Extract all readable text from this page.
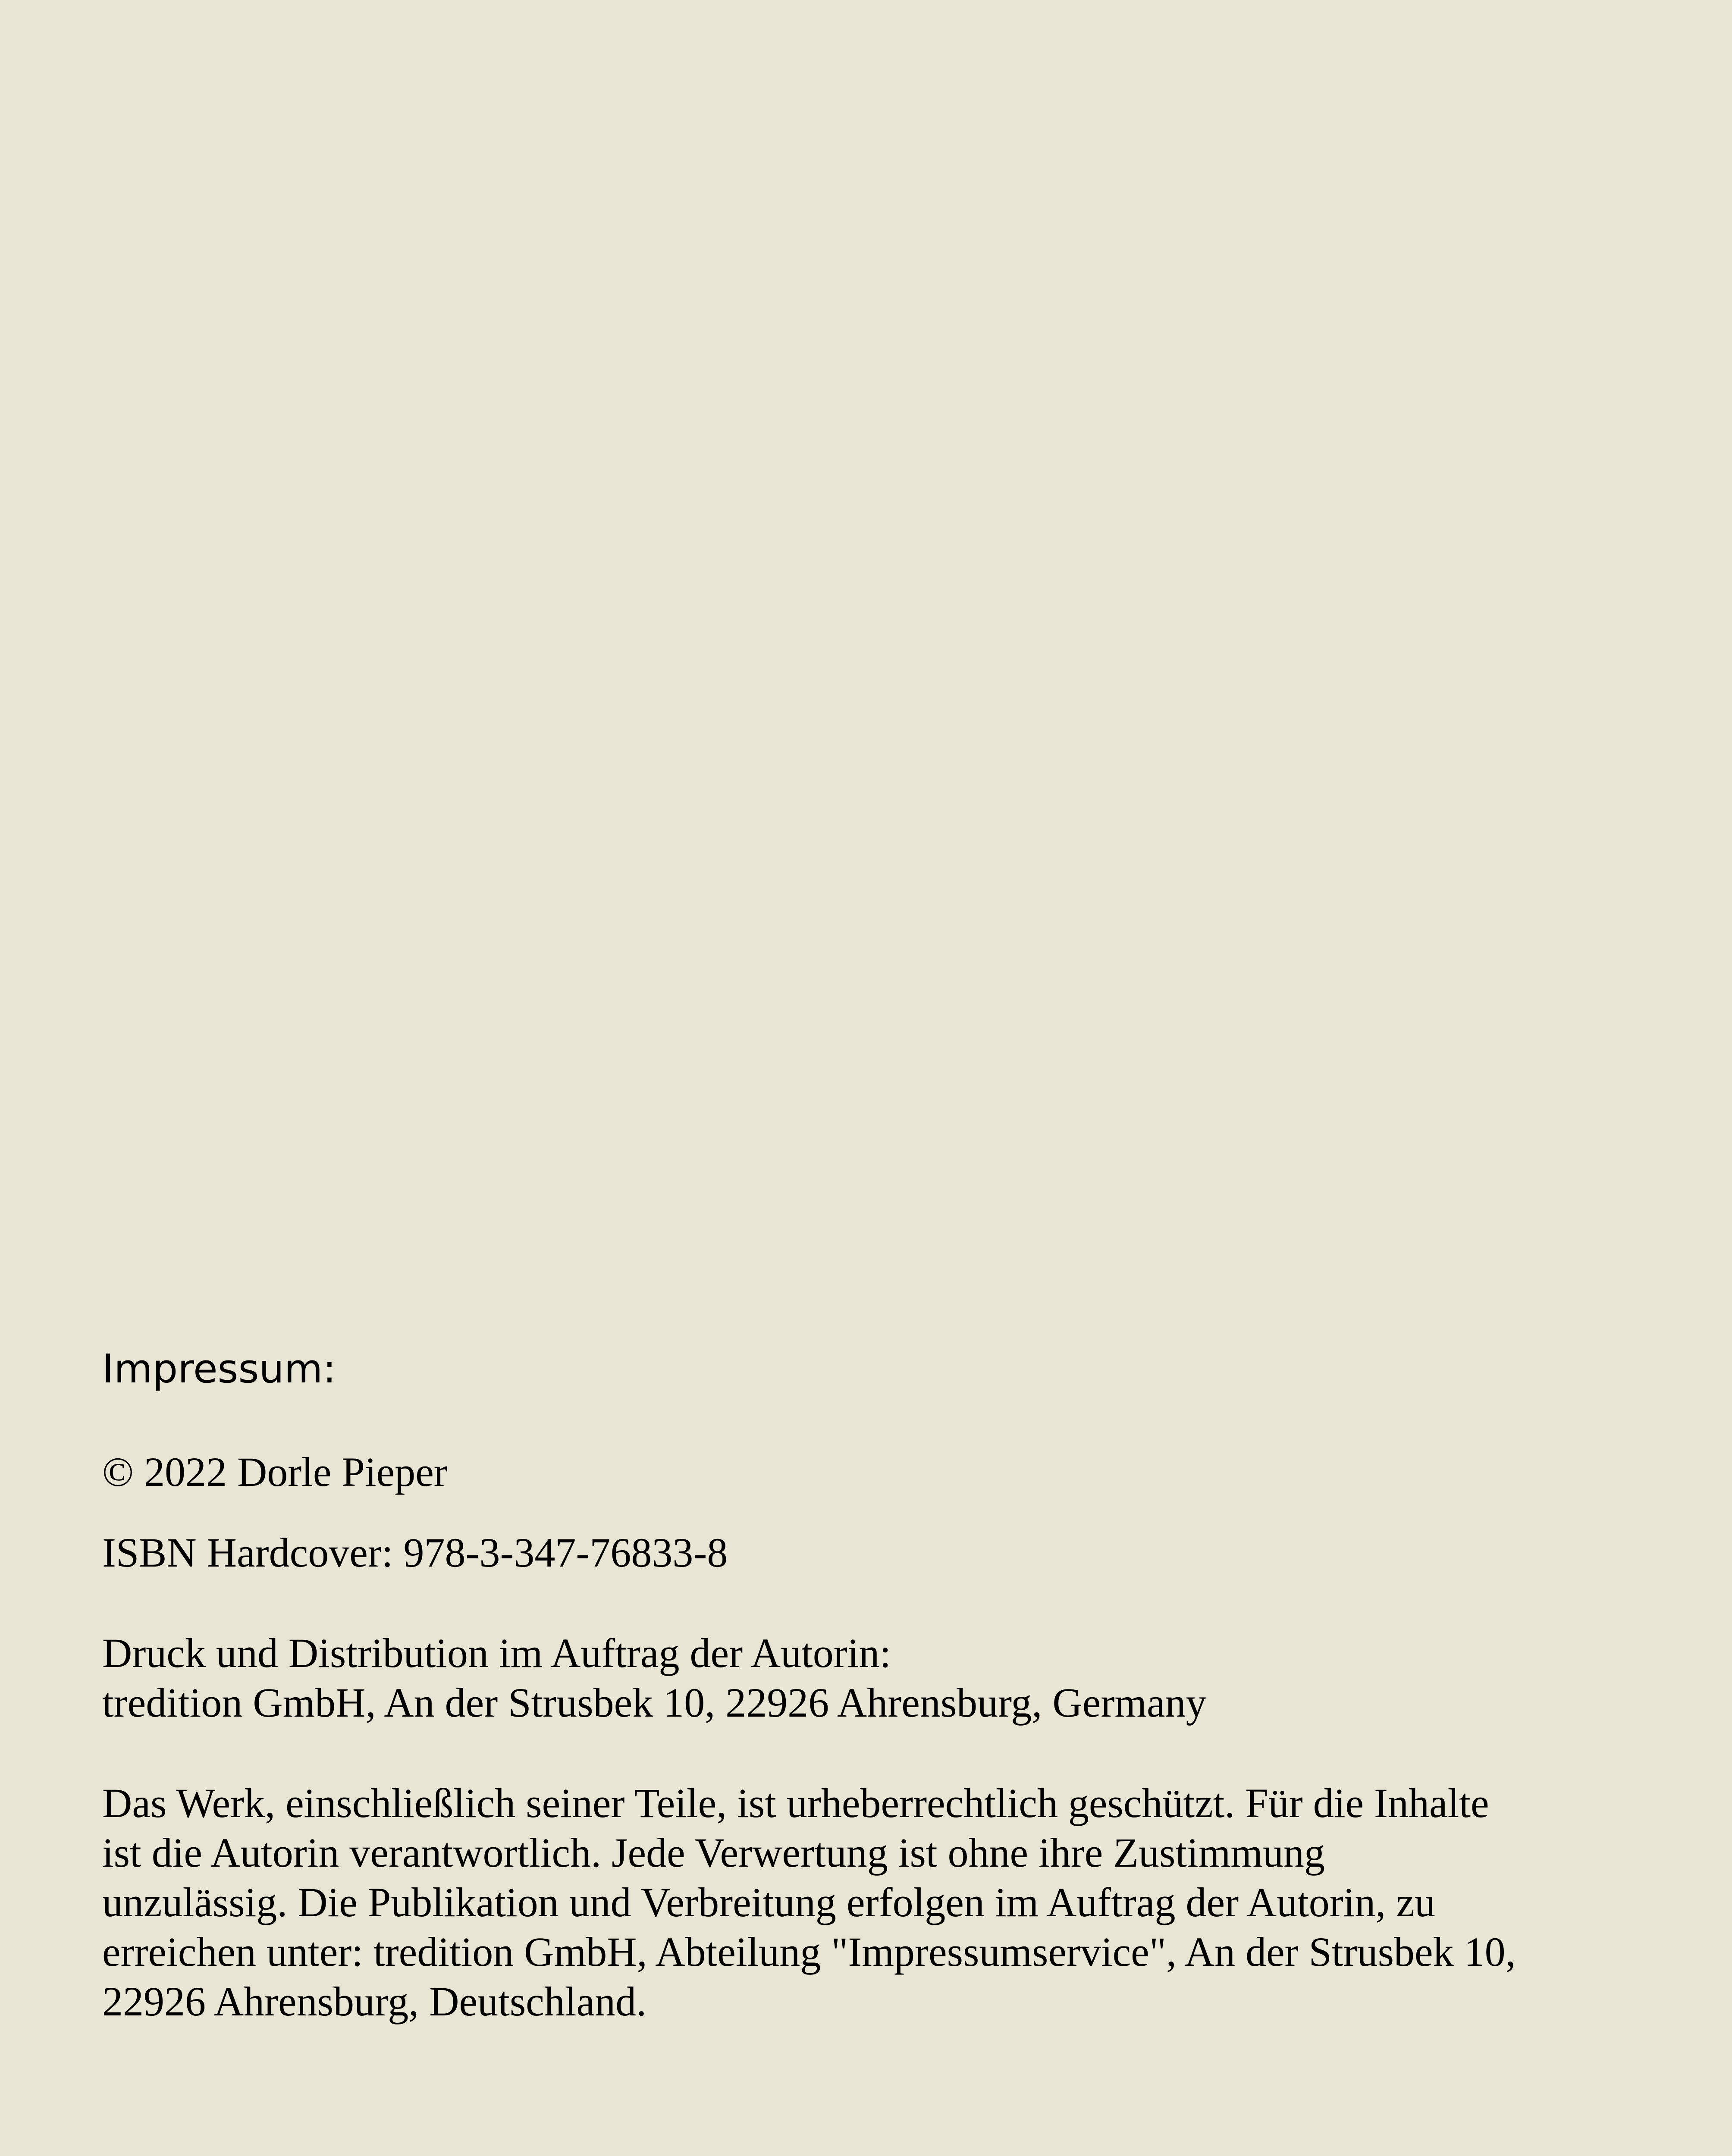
Impressum:

© 2022 Dorle Pieper

ISBN Hardcover: 978-3-347-76833-8

Druck und Distribution im Auftrag der Autorin:
tredition GmbH, An der Strusbek 10, 22926 Ahrensburg, Germany

Das Werk, einschließlich seiner Teile, ist urheberrechtlich geschützt. Für die Inhalte
ist die Autorin verantwortlich. Jede Verwertung ist ohne ihre Zustimmung
unzulässig. Die Publikation und Verbreitung erfolgen im Auftrag der Autorin, zu
erreichen unter: tredition GmbH, Abteilung "Impressumservice", An der Strusbek 10,
22926 Ahrensburg, Deutschland.
